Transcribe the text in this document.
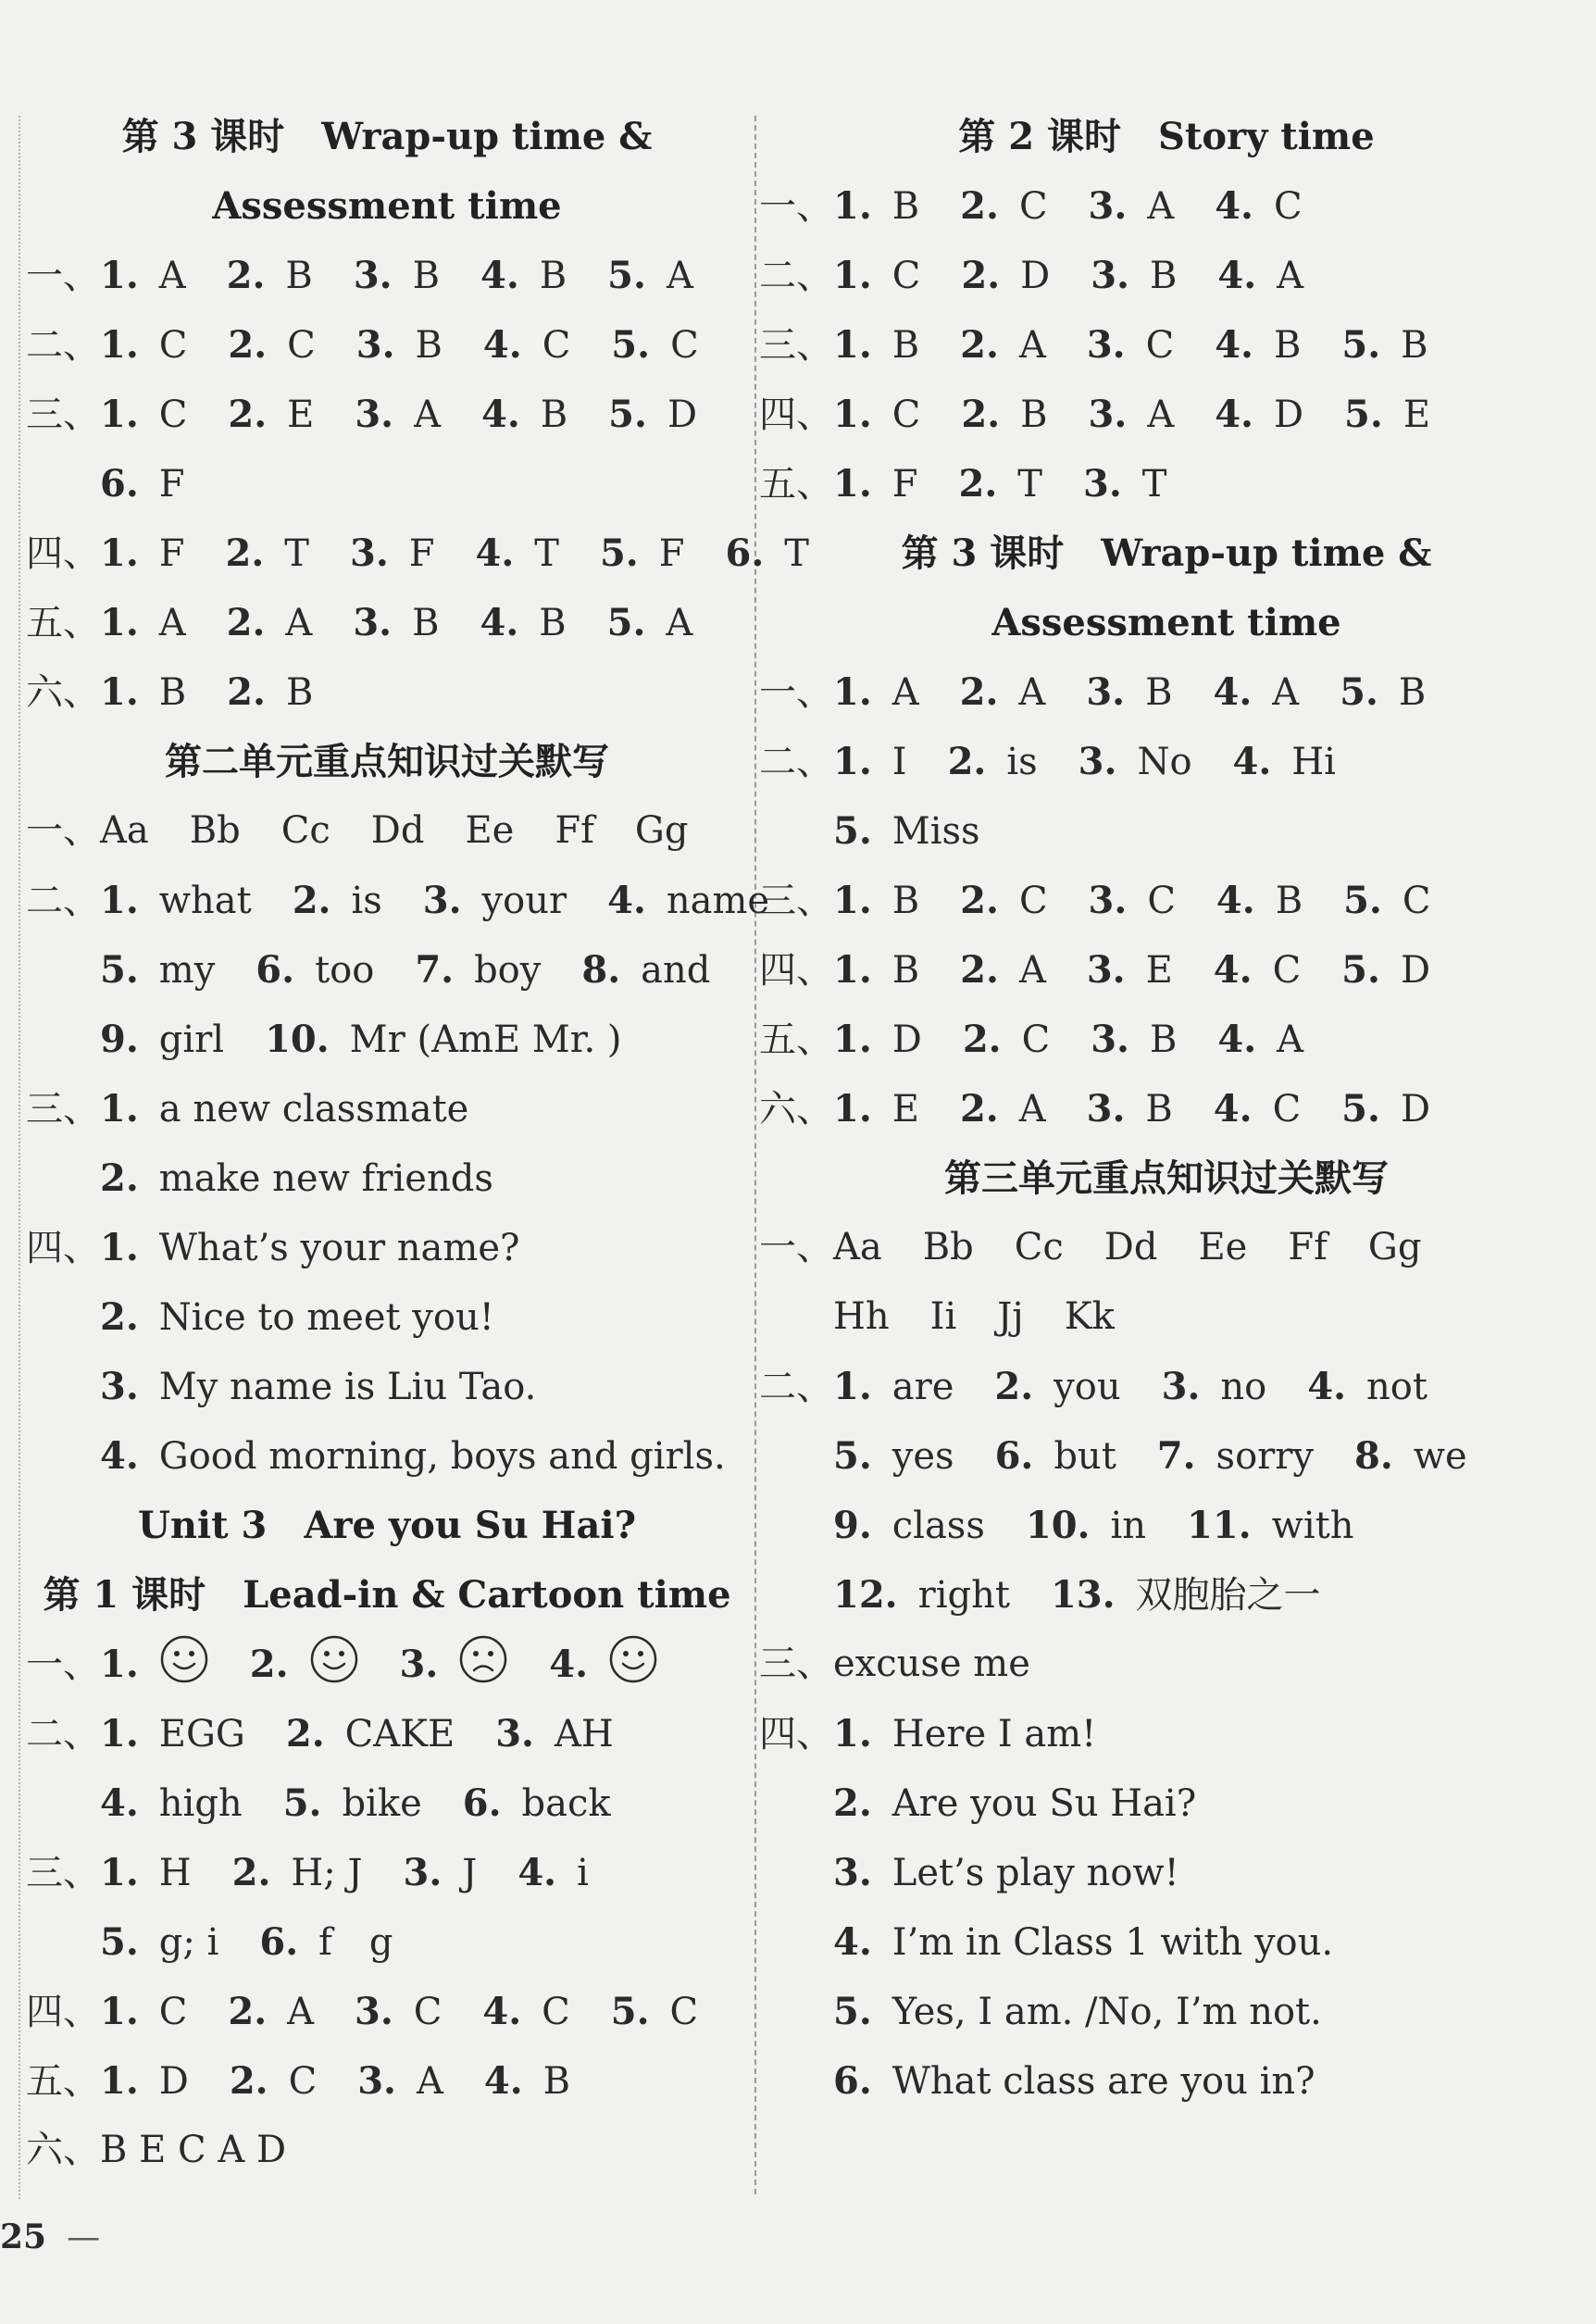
第 3 课时　Wrap-up time &
Assessment time
一、1. A 2. B 3. B 4. B 5. A
二、1. C 2. C 3. B 4. C 5. C
三、1. C 2. E 3. A 4. B 5. D
6. F
四、1. F 2. T 3. F 4. T 5. F 6. T
五、1. A 2. A 3. B 4. B 5. A
六、1. B 2. B
第二单元重点知识过关默写
一、Aa Bb Cc Dd Ee Ff Gg
二、1. what 2. is 3. your 4. name
5. my 6. too 7. boy 8. and
9. girl 10. Mr (AmE Mr. )
三、1. a new classmate
2. make new friends
四、1. What’s your name?
2. Nice to meet you!
3. My name is Liu Tao.
4. Good morning, boys and girls.
Unit 3　Are you Su Hai?
第 1 课时　Lead-in & Cartoon time
一、1.	2.	3.	4.
二、1. EGG 2. CAKE 3. AH
4. high 5. bike 6. back
三、1. H 2. H; J 3. J 4. i
5. g; i 6. f　g
四、1. C 2. A 3. C 4. C 5. C
五、1. D 2. C 3. A 4. B
六、B E C A D
第 2 课时　Story time
一、1. B 2. C 3. A 4. C
二、1. C 2. D 3. B 4. A
三、1. B 2. A 3. C 4. B 5. B
四、1. C 2. B 3. A 4. D 5. E
五、1. F 2. T 3. T
第 3 课时　Wrap-up time &
Assessment time
一、1. A 2. A 3. B 4. A 5. B
二、1. I 2. is 3. No 4. Hi
5. Miss
三、1. B 2. C 3. C 4. B 5. C
四、1. B 2. A 3. E 4. C 5. D
五、1. D 2. C 3. B 4. A
六、1. E 2. A 3. B 4. C 5. D
第三单元重点知识过关默写
一、Aa Bb Cc Dd Ee Ff Gg
Hh Ii Jj Kk
二、1. are 2. you 3. no 4. not
5. yes 6. but 7. sorry 8. we
9. class 10. in 11. with
12. right 13. 双胞胎之一
三、excuse me
四、1. Here I am!
2. Are you Su Hai?
3. Let’s play now!
4. I’m in Class 1 with you.
5. Yes, I am. /No, I’m not.
6. What class are you in?
25 —
